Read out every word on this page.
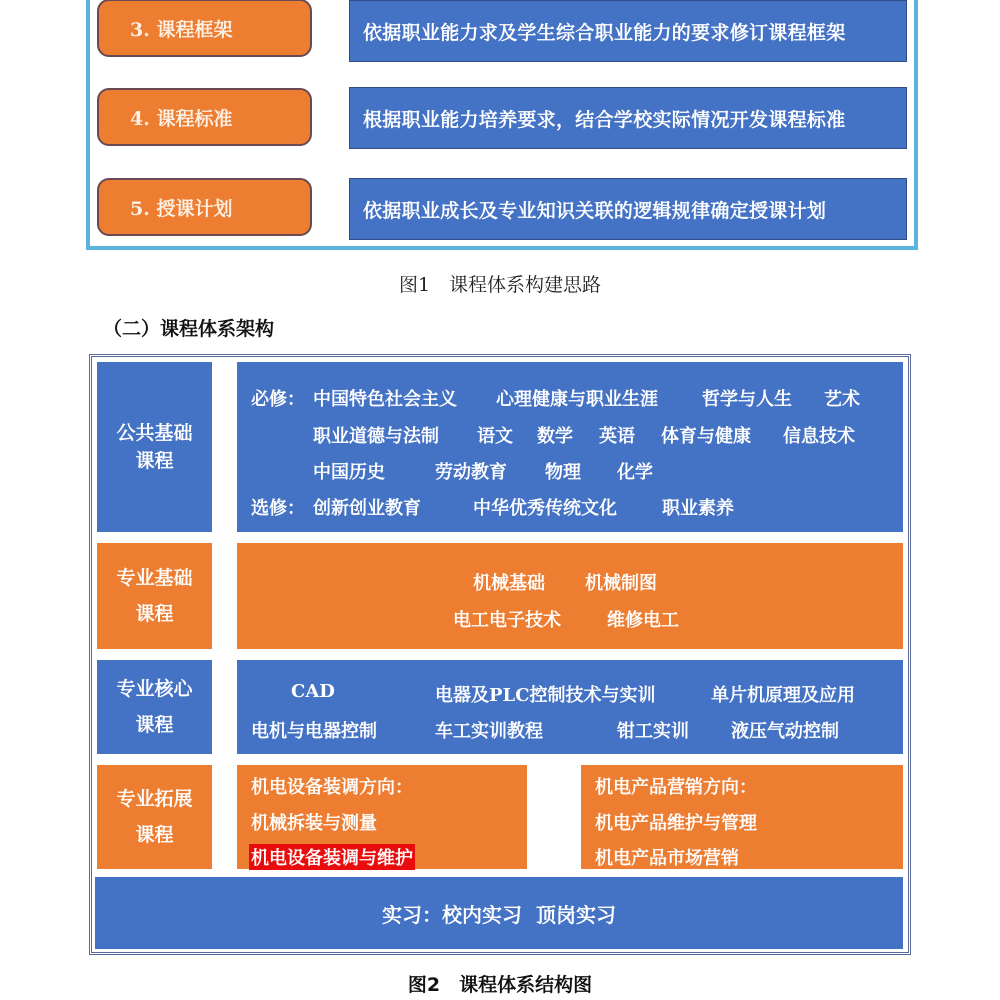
3. 课程框架	依据职业能力求及学生综合职业能力的要求修订课程框架
4. 课程标准	根据职业能力培养要求，结合学校实际情况开发课程标准
5. 授课计划	依据职业成长及专业知识关联的逻辑规律确定授课计划
图1　课程体系构建思路
（二）课程体系架构
公共基础
课程
必修： 中国特色社会主义 心理健康与职业生涯 哲学与人生 艺术
职业道德与法制 语文 数学 英语 体育与健康 信息技术
中国历史	劳动教育 物理 化学
选修： 创新创业教育	中华优秀传统文化	职业素养
专业基础
课程
机械基础 机械制图
电工电子技术	维修电工
专业核心
课程
CAD	电器及PLC控制技术与实训	单片机原理及应用
电机与电器控制	车工实训教程	钳工实训 液压气动控制
专业拓展
课程
机电设备装调方向：
机械拆装与测量
机电设备装调与维护
机电产品营销方向：
机电产品维护与管理
机电产品市场营销
实习：校内实习  顶岗实习
图2　课程体系结构图
